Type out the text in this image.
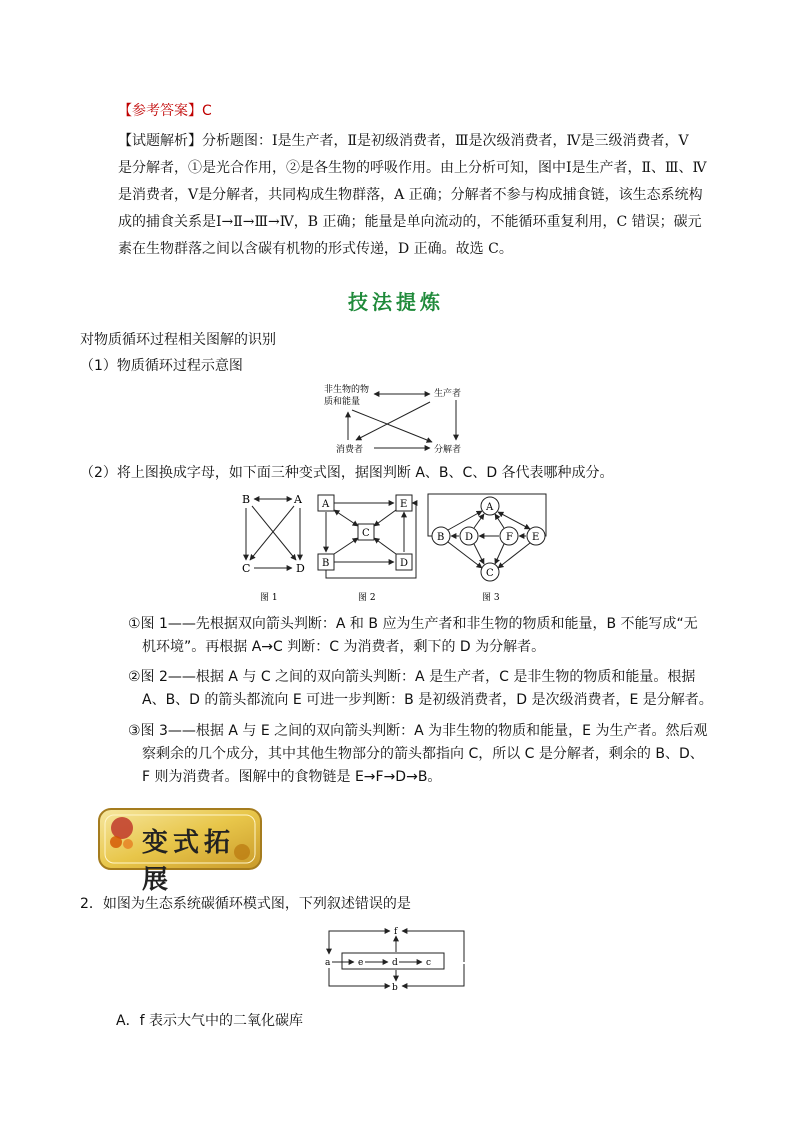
【参考答案】C
【试题解析】分析题图：Ⅰ是生产者，Ⅱ是初级消费者，Ⅲ是次级消费者，Ⅳ是三级消费者，Ⅴ
是分解者，①是光合作用，②是各生物的呼吸作用。由上分析可知，图中Ⅰ是生产者，Ⅱ、Ⅲ、Ⅳ
是消费者，Ⅴ是分解者，共同构成生物群落，A 正确；分解者不参与构成捕食链，该生态系统构
成的捕食关系是Ⅰ→Ⅱ→Ⅲ→Ⅳ，B 正确；能量是单向流动的，不能循环重复利用，C 错误；碳元
素在生物群落之间以含碳有机物的形式传递，D 正确。故选 C。
技法提炼
对物质循环过程相关图解的识别
（1）物质循环过程示意图
非生物的物
质和能量
生产者
消费者	分解者
（2）将上图换成字母，如下面三种变式图，据图判断 A、B、C、D 各代表哪种成分。
B	A
C	D
图 1
A	E
C
B	D
图 2
A
B D	F E
C
图 3
①图 1——先根据双向箭头判断：A 和 B 应为生产者和非生物的物质和能量，B 不能写成“无
机环境”。再根据 A→C 判断：C 为消费者，剩下的 D 为分解者。
②图 2——根据 A 与 C 之间的双向箭头判断：A 是生产者，C 是非生物的物质和能量。根据
A、B、D 的箭头都流向 E 可进一步判断：B 是初级消费者，D 是次级消费者，E 是分解者。
③图 3——根据 A 与 E 之间的双向箭头判断：A 为非生物的物质和能量，E 为生产者。然后观
察剩余的几个成分，其中其他生物部分的箭头都指向 C，所以 C 是分解者，剩余的 B、D、
F 则为消费者。图解中的食物链是 E→F→D→B。
变式拓展
2．如图为生态系统碳循环模式图，下列叙述错误的是
f
a	e	d	c
b
A．f 表示大气中的二氧化碳库
